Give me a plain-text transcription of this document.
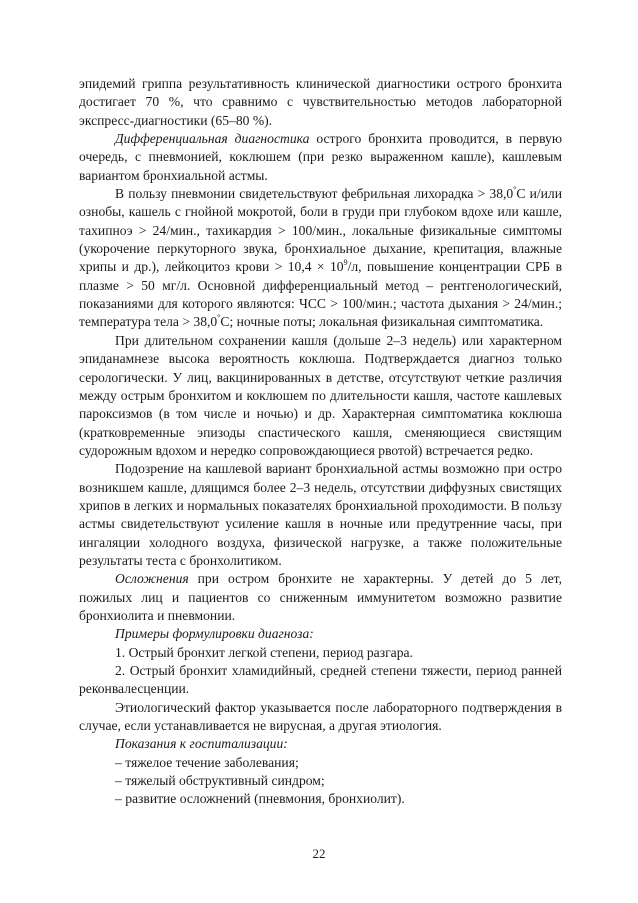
эпидемий гриппа результативность клинической диагностики острого бронхита достигает 70 %, что сравнимо с чувствительностью методов лабораторной экспресс-диагностики (65–80 %).

Дифференциальная диагностика острого бронхита проводится, в первую очередь, с пневмонией, коклюшем (при резко выраженном кашле), кашлевым вариантом бронхиальной астмы.

В пользу пневмонии свидетельствуют фебрильная лихорадка > 38,0°С и/или ознобы, кашель с гнойной мокротой, боли в груди при глубоком вдохе или кашле, тахипноэ > 24/мин., тахикардия > 100/мин., локальные физикальные симптомы (укорочение перкуторного звука, бронхиальное дыхание, крепитация, влажные хрипы и др.), лейкоцитоз крови > $10,4 \times 10^9/л$, повышение концентрации СРБ в плазме > 50 мг/л. Основной дифференциальный метод – рентгенологический, показаниями для которого являются: ЧСС > 100/мин.; частота дыхания > 24/мин.; температура тела > 38,0°С; ночные поты; локальная физикальная симптоматика.

При длительном сохранении кашля (дольше 2–3 недель) или характерном эпиданамнезе высока вероятность коклюша. Подтверждается диагноз только серологически. У лиц, вакцинированных в детстве, отсутствуют четкие различия между острым бронхитом и коклюшем по длительности кашля, частоте кашлевых пароксизмов (в том числе и ночью) и др. Характерная симптоматика коклюша (кратковременные эпизоды спастического кашля, сменяющиеся свистящим судорожным вдохом и нередко сопровождающиеся рвотой) встречается редко.

Подозрение на кашлевой вариант бронхиальной астмы возможно при остро возникшем кашле, длящимся более 2–3 недель, отсутствии диффузных свистящих хрипов в легких и нормальных показателях бронхиальной проходимости. В пользу астмы свидетельствуют усиление кашля в ночные или предутренние часы, при ингаляции холодного воздуха, физической нагрузке, а также положительные результаты теста с бронхолитиком.

Осложнения при остром бронхите не характерны. У детей до 5 лет, пожилых лиц и пациентов со сниженным иммунитетом возможно развитие бронхиолита и пневмонии.

Примеры формулировки диагноза:

1. Острый бронхит легкой степени, период разгара.

2. Острый бронхит хламидийный, средней степени тяжести, период ранней реконвалесценции.

Этиологический фактор указывается после лабораторного подтверждения в случае, если устанавливается не вирусная, а другая этиология.

Показания к госпитализации:

– тяжелое течение заболевания;

– тяжелый обструктивный синдром;

– развитие осложнений (пневмония, бронхиолит).

22
